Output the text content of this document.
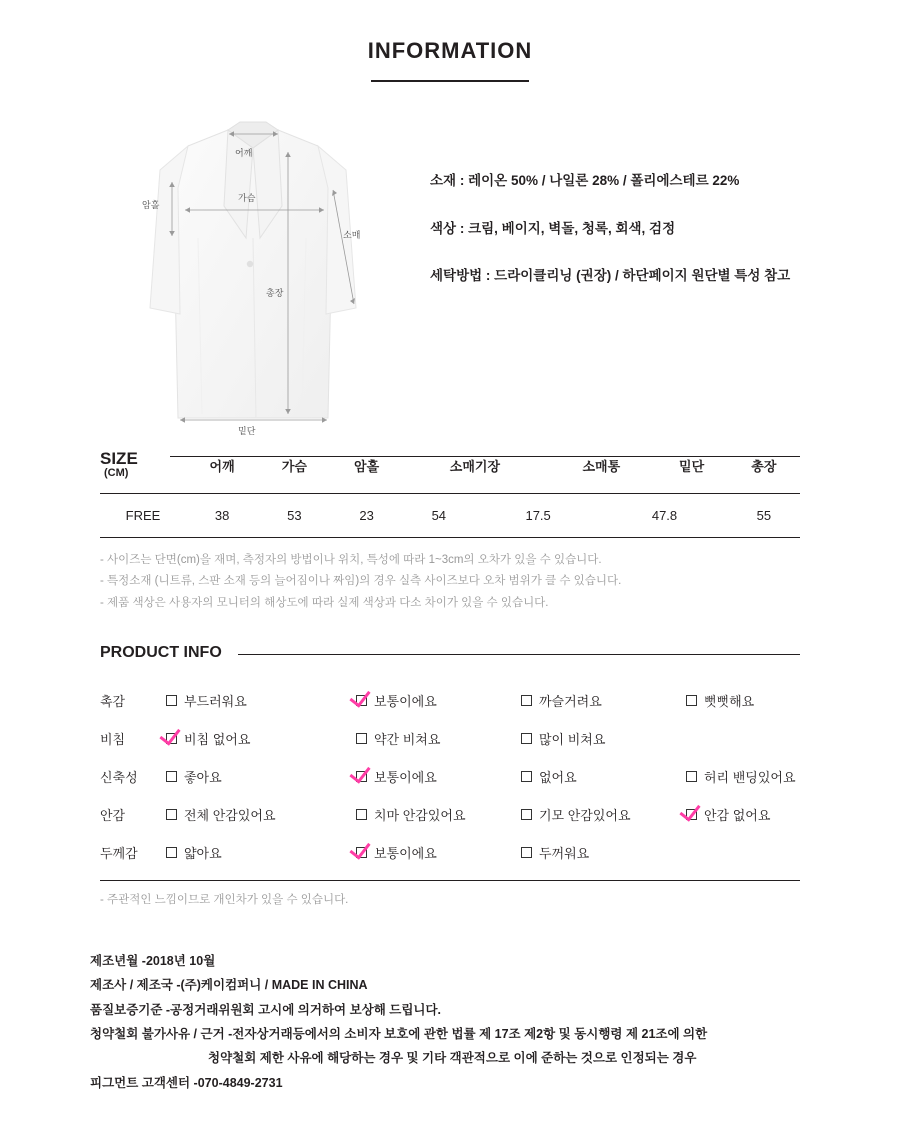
INFORMATION
어깨
암홀
가슴
소매
총장
밑단
소재 : 레이온 50% / 나일론 28% / 폴리에스테르 22%
색상 : 크림, 베이지, 벽돌, 청록, 회색, 검정
세탁방법 : 드라이클리닝 (권장) / 하단페이지 원단별 특성 참고
SIZE
(CM)
		어깨	가슴	암홀	소매기장	소매통	밑단	총장
FREE	38	53	23	54	17.5	47.8	55
- 사이즈는 단면(cm)을 재며, 측정자의 방법이나 위치, 특성에 따라 1~3cm의 오차가 있을 수 있습니다.
- 특정소재 (니트류, 스판 소재 등의 늘어짐이나 짜임)의 경우 실측 사이즈보다 오차 범위가 클 수 있습니다.
- 제품 색상은 사용자의 모니터의 해상도에 따라 실제 색상과 다소 차이가 있을 수 있습니다.
PRODUCT INFO
촉감	부드러워요	보통이에요	까슬거려요	뻣뻣해요

비침	비침 없어요	약간 비쳐요	많이 비쳐요	

신축성	좋아요	보통이에요	없어요	허리 밴딩있어요

안감	전체 안감있어요	치마 안감있어요	기모 안감있어요	안감 없어요

두께감	얇아요	보통이에요	두꺼워요	

- 주관적인 느낌이므로 개인차가 있을 수 있습니다.
제조년월 - 2018년 10월
제조사 / 제조국 - (주)케이컴퍼니 / MADE IN CHINA
품질보증기준 - 공정거래위원회 고시에 의거하여 보상해 드립니다.
청약철회 불가사유 / 근거 - 전자상거래등에서의 소비자 보호에 관한 법률 제 17조 제2항 및 동시행령 제 21조에 의한
청약철회 제한 사유에 해당하는 경우 및 기타 객관적으로 이에 준하는 것으로 인정되는 경우
피그먼트 고객센터 - 070-4849-2731
